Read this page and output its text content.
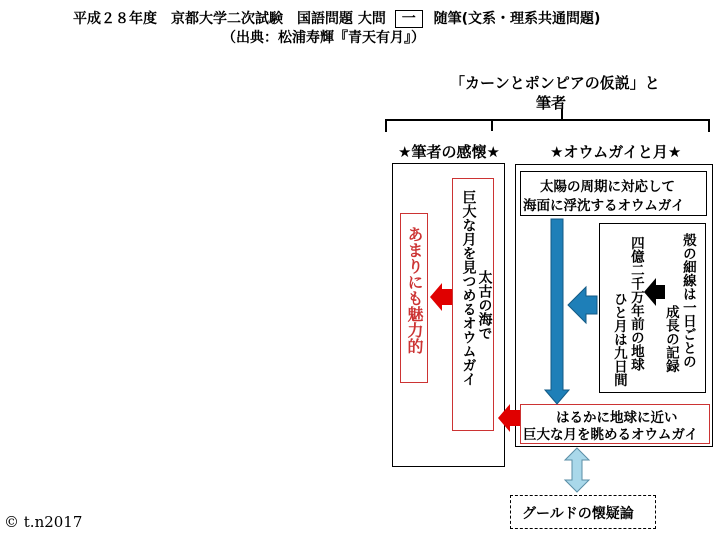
平成２８年度　京都大学二次試験　国語問題 大問 一 随筆(文系・理系共通問題)
（出典：松浦寿輝『青天有月』）
「カーンとポンピアの仮説」と
筆者
★筆者の感懐★	★オウムガイと月★
巨大な月を見つめるオウムガイ 太古の海で
あまりにも魅力的
太陽の周期に対応して
海面に浮沈するオウムガイ
殻の細線は一日ごとの
成長の記録
四億二千万年前の地球
ひと月は九日間
はるかに地球に近い
巨大な月を眺めるオウムガイ
グールドの懐疑論
© t.n2017
